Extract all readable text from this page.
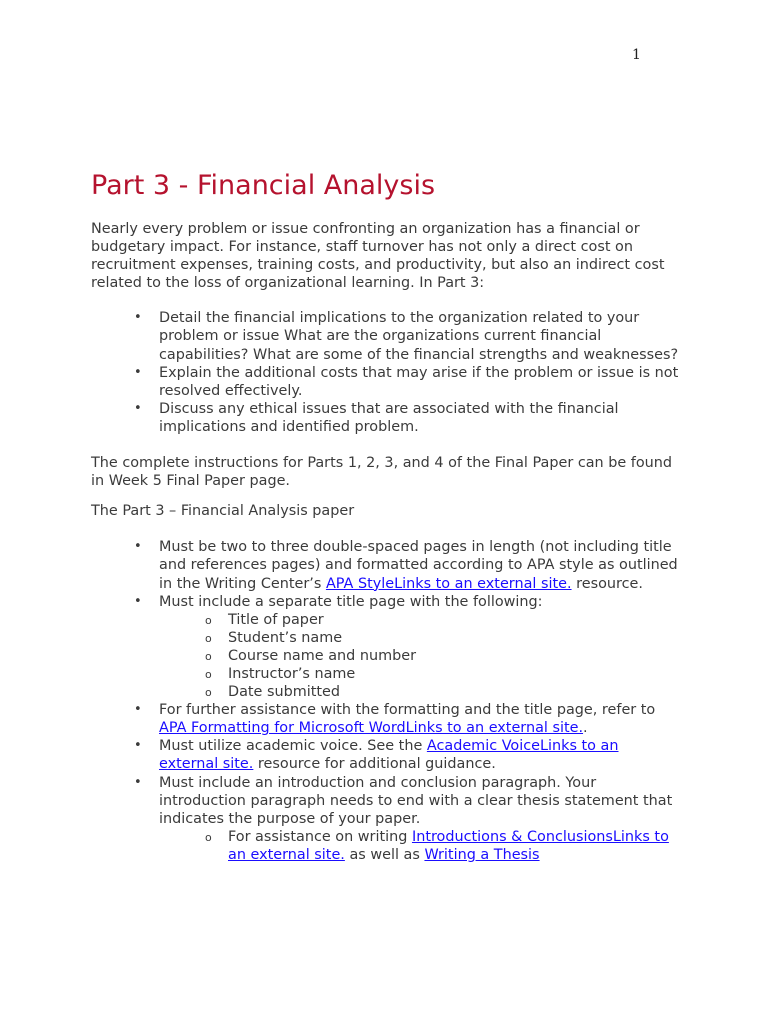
1
Part 3 - Financial Analysis

Nearly every problem or issue confronting an organization has a financial or budgetary impact. For instance, staff turnover has not only a direct cost on recruitment expenses, training costs, and productivity, but also an indirect cost related to the loss of organizational learning. In Part 3:

• Detail the financial implications to the organization related to your problem or issue What are the organizations current financial capabilities? What are some of the financial strengths and weaknesses?
• Explain the additional costs that may arise if the problem or issue is not resolved effectively.
• Discuss any ethical issues that are associated with the financial implications and identified problem.

The complete instructions for Parts 1, 2, 3, and 4 of the Final Paper can be found in Week 5 Final Paper page.

The Part 3 – Financial Analysis paper

• Must be two to three double-spaced pages in length (not including title and references pages) and formatted according to APA style as outlined in the Writing Center’s APA StyleLinks to an external site. resource.
• Must include a separate title page with the following:
o Title of paper
o Student’s name
o Course name and number
o Instructor’s name
o Date submitted
• For further assistance with the formatting and the title page, refer to APA Formatting for Microsoft WordLinks to an external site..
• Must utilize academic voice. See the Academic VoiceLinks to an external site. resource for additional guidance.
• Must include an introduction and conclusion paragraph. Your introduction paragraph needs to end with a clear thesis statement that indicates the purpose of your paper.
o For assistance on writing Introductions & ConclusionsLinks to an external site. as well as Writing a Thesis
